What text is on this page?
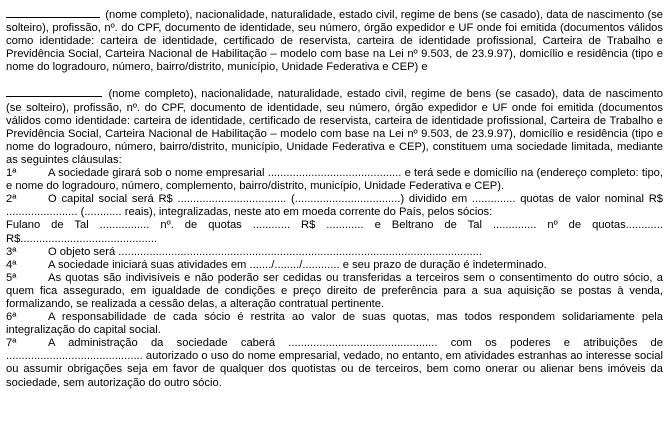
(nome completo), nacionalidade, naturalidade, estado civil, regime de bens (se casado), data de nascimento (se solteiro), profissão, nº. do CPF, documento de identidade, seu número, órgão expedidor e UF onde foi emitida (documentos válidos como identidade: carteira de identidade, certificado de reservista, carteira de identidade profissional, Carteira de Trabalho e Previdência Social, Carteira Nacional de Habilitação – modelo com base na Lei nº 9.503, de 23.9.97), domicílio e residência (tipo e nome do logradouro, número, bairro/distrito, município, Unidade Federativa e CEP) e

(nome completo), nacionalidade, naturalidade, estado civil, regime de bens (se casado), data de nascimento (se solteiro), profissão, nº. do CPF, documento de identidade, seu número, órgão expedidor e UF onde foi emitida (documentos válidos como identidade: carteira de identidade, certificado de reservista, carteira de identidade profissional, Carteira de Trabalho e Previdência Social, Carteira Nacional de Habilitação – modelo com base na Lei nº 9.503, de 23.9.97), domicílio e residência (tipo e nome do logradouro, número, bairro/distrito, município, Unidade Federativa e CEP), constituem uma sociedade limitada, mediante as seguintes cláusulas:

1ª	A sociedade girará sob o nome empresarial ........................................... e terá sede e domicílio na (endereço completo: tipo, e nome do logradouro, número, complemento, bairro/distrito, município, Unidade Federativa e CEP).

2ª	O capital social será R$ ................................... (..................................) dividido em .............. quotas de valor nominal R$ ....................... (............ reais), integralizadas, neste ato em moeda corrente do País, pelos sócios:

Fulano de Tal ................ nº. de quotas ............ R$ ............ e Beltrano de Tal .............. nº de quotas............ R$............................................

3ª	O objeto será .....................................................................................................................

4ª	A sociedade iniciará suas atividades em ......./......../............ e seu prazo de duração é indeterminado.

5ª	As quotas são indivisíveis e não poderão ser cedidas ou transferidas a terceiros sem o consentimento do outro sócio, a quem fica assegurado, em igualdade de condições e preço direito de preferência para a sua aquisição se postas à venda, formalizando, se realizada a cessão delas, a alteração contratual pertinente.

6ª	A responsabilidade de cada sócio é restrita ao valor de suas quotas, mas todos respondem solidariamente pela integralização do capital social.

7ª	A administração da sociedade caberá ................................................ com os poderes e atribuições de ............................................ autorizado o uso do nome empresarial, vedado, no entanto, em atividades estranhas ao interesse social ou assumir obrigações seja em favor de qualquer dos quotistas ou de terceiros, bem como onerar ou alienar bens imóveis da sociedade, sem autorização do outro sócio.
